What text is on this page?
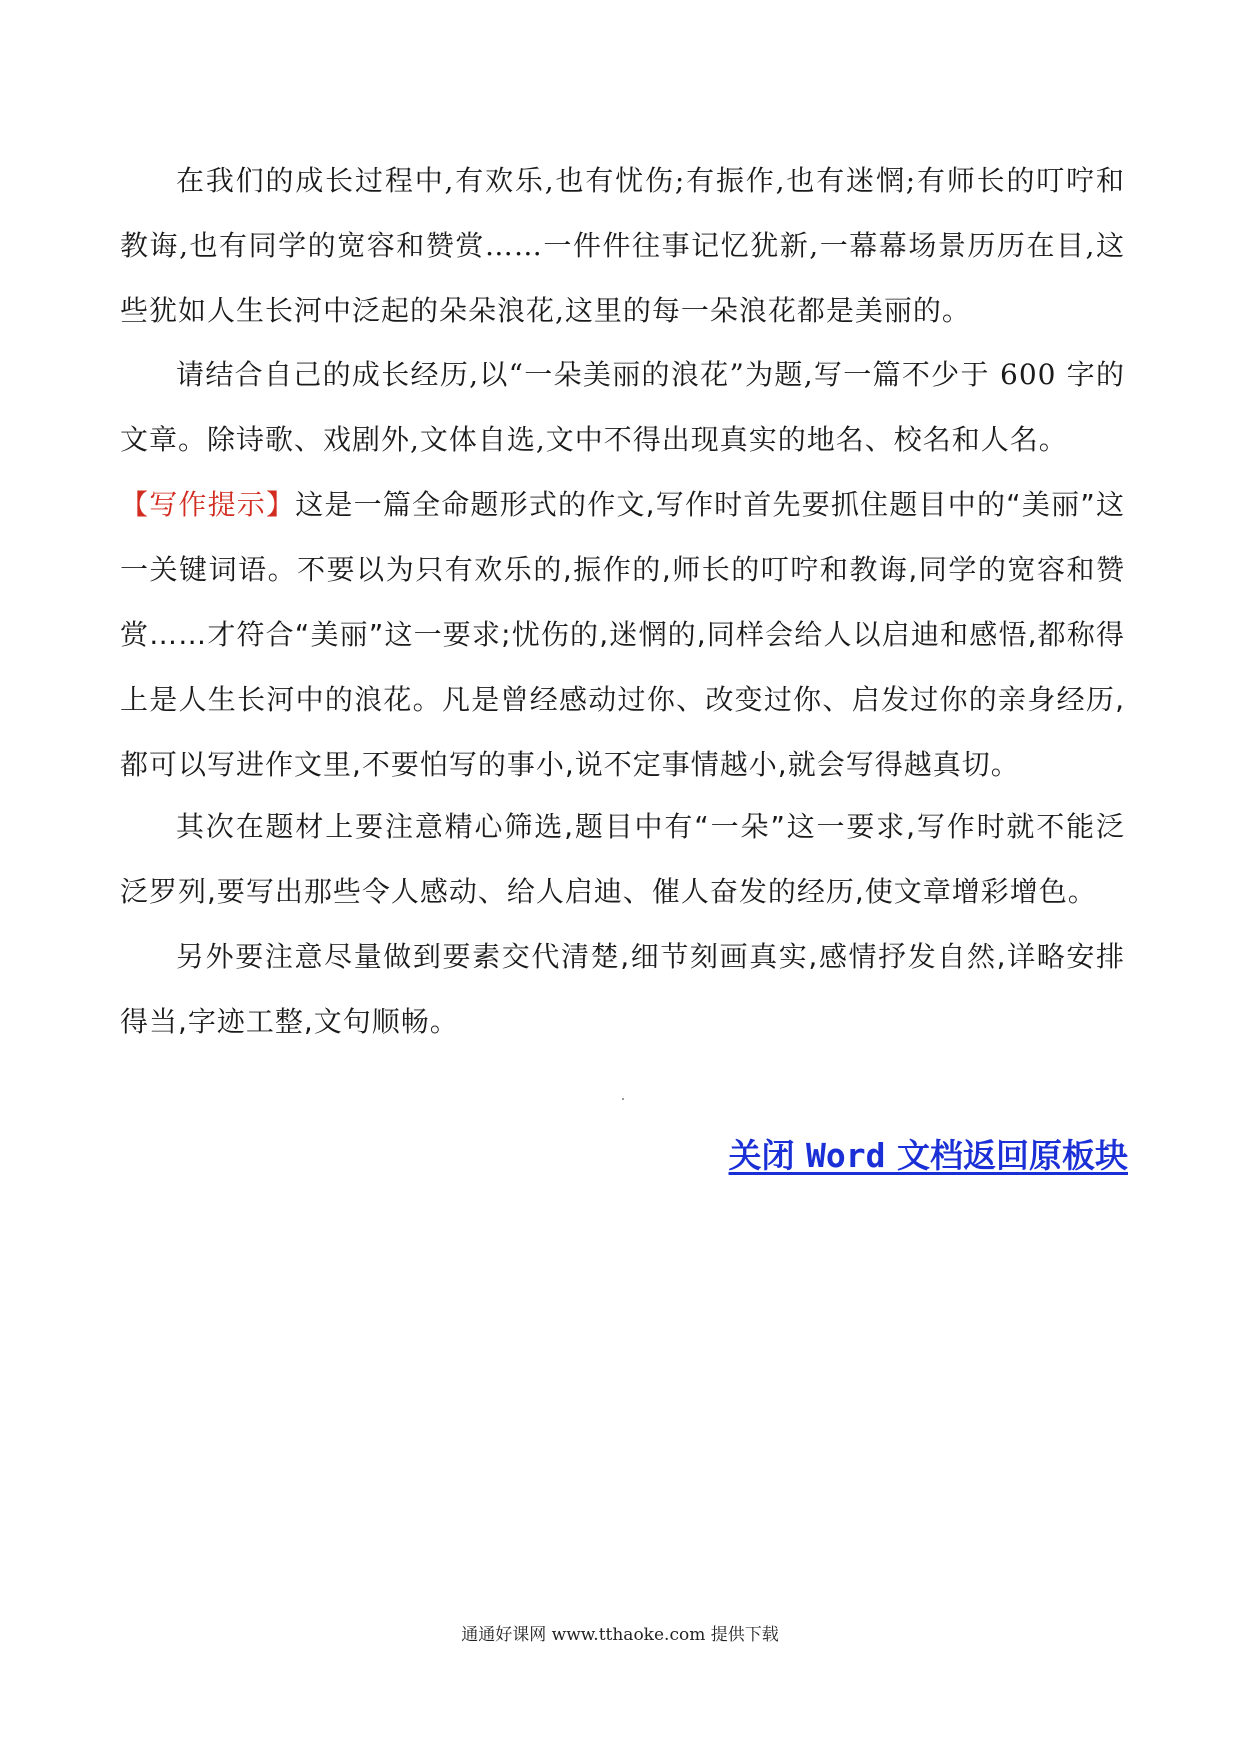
在我们的成长过程中,有欢乐,也有忧伤;有振作,也有迷惘;有师长的叮咛和教诲,也有同学的宽容和赞赏……一件件往事记忆犹新,一幕幕场景历历在目,这些犹如人生长河中泛起的朵朵浪花,这里的每一朵浪花都是美丽的。
请结合自己的成长经历,以“一朵美丽的浪花”为题,写一篇不少于 600 字的文章。除诗歌、戏剧外,文体自选,文中不得出现真实的地名、校名和人名。
【写作提示】这是一篇全命题形式的作文,写作时首先要抓住题目中的“美丽”这一关键词语。不要以为只有欢乐的,振作的,师长的叮咛和教诲,同学的宽容和赞赏……才符合“美丽”这一要求;忧伤的,迷惘的,同样会给人以启迪和感悟,都称得上是人生长河中的浪花。凡是曾经感动过你、改变过你、启发过你的亲身经历,都可以写进作文里,不要怕写的事小,说不定事情越小,就会写得越真切。
其次在题材上要注意精心筛选,题目中有“一朵”这一要求,写作时就不能泛泛罗列,要写出那些令人感动、给人启迪、催人奋发的经历,使文章增彩增色。
另外要注意尽量做到要素交代清楚,细节刻画真实,感情抒发自然,详略安排得当,字迹工整,文句顺畅。
关闭 Word 文档返回原板块
通通好课网 www.tthaoke.com 提供下载
